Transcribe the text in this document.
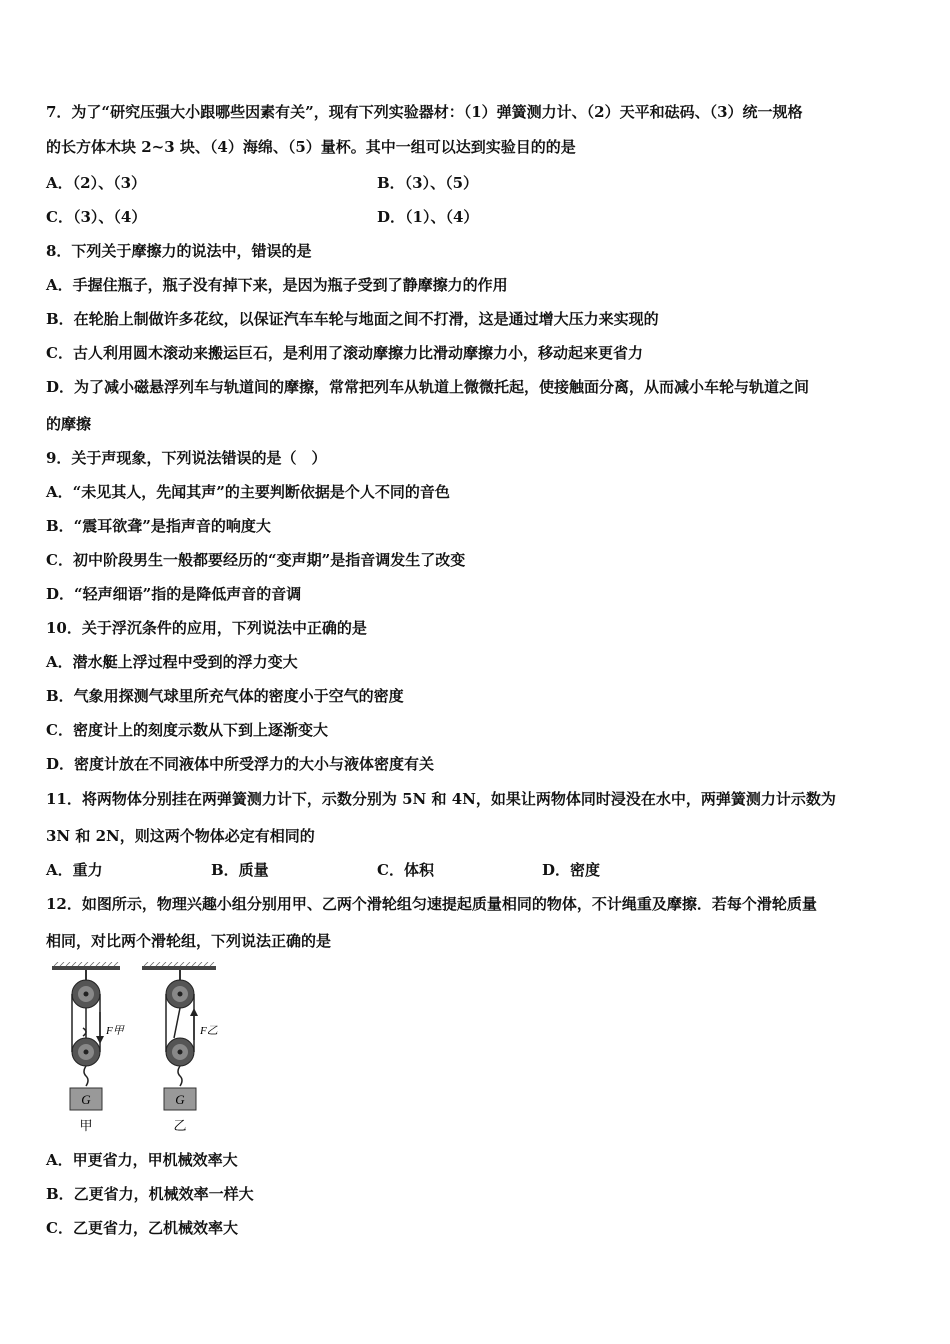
7．为了“研究压强大小跟哪些因素有关”，现有下列实验器材：（1）弹簧测力计、（2）天平和砝码、（3）统一规格
的长方体木块 2~3 块、（4）海绵、（5）量杯。其中一组可以达到实验目的的是
A．（2）、（3）	B．（3）、（5）
C．（3）、（4）	D．（1）、（4）
8．下列关于摩擦力的说法中，错误的是
A．手握住瓶子，瓶子没有掉下来，是因为瓶子受到了静摩擦力的作用
B．在轮胎上制做许多花纹，以保证汽车车轮与地面之间不打滑，这是通过增大压力来实现的
C．古人利用圆木滚动来搬运巨石，是利用了滚动摩擦力比滑动摩擦力小，移动起来更省力
D．为了减小磁悬浮列车与轨道间的摩擦，常常把列车从轨道上微微托起，使接触面分离，从而减小车轮与轨道之间
的摩擦
9．关于声现象，下列说法错误的是（　）
A．“未见其人，先闻其声”的主要判断依据是个人不同的音色
B．“震耳欲聋”是指声音的响度大
C．初中阶段男生一般都要经历的“变声期”是指音调发生了改变
D．“轻声细语”指的是降低声音的音调
10．关于浮沉条件的应用，下列说法中正确的是
A．潜水艇上浮过程中受到的浮力变大
B．气象用探测气球里所充气体的密度小于空气的密度
C．密度计上的刻度示数从下到上逐渐变大
D．密度计放在不同液体中所受浮力的大小与液体密度有关
11．将两物体分别挂在两弹簧测力计下，示数分别为 5N 和 4N，如果让两物体同时浸没在水中，两弹簧测力计示数为
3N 和 2N，则这两个物体必定有相同的
A．重力	B．质量	C．体积	D．密度
12．如图所示，物理兴趣小组分别用甲、乙两个滑轮组匀速提起质量相同的物体，不计绳重及摩擦．若每个滑轮质量
相同，对比两个滑轮组，下列说法正确的是
F甲
G
甲
F乙
G
乙
A．甲更省力，甲机械效率大
B．乙更省力，机械效率一样大
C．乙更省力，乙机械效率大
